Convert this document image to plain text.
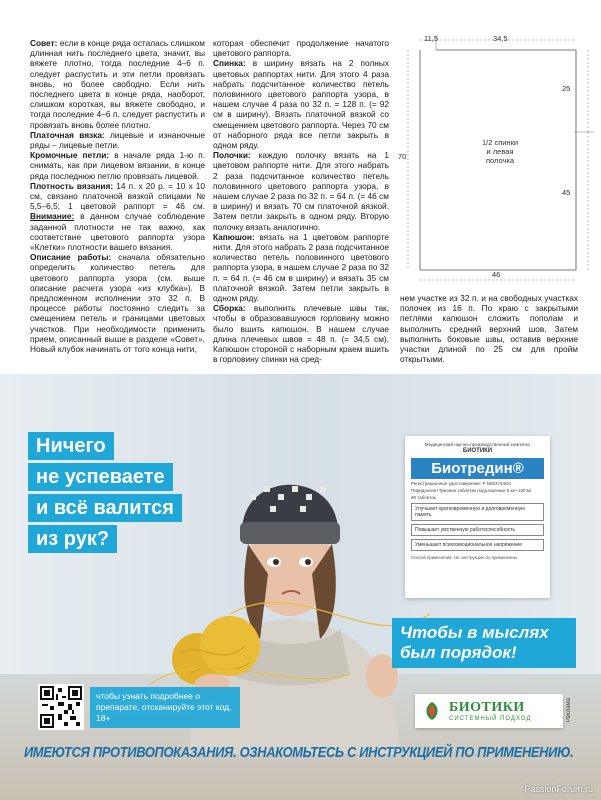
Совет: если в конце ряда осталась слишком длинная нить последнего цвета, значит, вы вяжете плотно, тогда последние 4–6 п. следует распустить и эти петли провязать вновь, но более свободно. Если нить последнего цвета в конце ряда, наоборот, слишком короткая, вы вяжете свободно, и тогда последние 4–6 п. следует распустить и провязать вновь более плотно.

Платочная вязка: лицевые и изнаночные ряды – лицевые петли.

Кромочные петли: в начале ряда 1-ю п. снимать, как при лицевом вязании, в конце ряда последнюю петлю провязать лицевой.

Плотность вязания: 14 п. х 20 р. = 10 х 10 см, связано платочной вязкой спицами № 5,5–6,5; 1 цветовой раппорт = 46 см. Внимание: в данном случае соблюдение заданной плотности не так важно, как соответствие цветового раппорта узора «Клетки» плотности вашего вязания.

Описание работы: сначала обязательно определить количество петель для цветового раппорта узора (см. выше описание расчета узора «из клубка»). В предложенном исполнении это 32 п. В процессе работы постоянно следить за смещением петель и границами цветовых участков. При необходимости применить прием, описанный выше в разделе «Совет». Новый клубок начинать от того конца нити,

которая обеспечит продолжение начатого цветового раппорта.

Спинка: в ширину вязать на 2 полных цветовых раппортах нити. Для этого 4 раза набрать подсчитанное количество петель половинного цветового раппорта узора, в нашем случае 4 раза по 32 п. = 128 п. (= 92 см в ширину). Вязать платочной вязкой со смещением цветового раппорта. Через 70 см от наборного ряда все петли закрыть в одном ряду.

Полочки: каждую полочку вязать на 1 цветовом раппорте нити. Для этого набрать 2 раза подсчитанное количество петель половинного цветового раппорта узора, в нашем случае 2 раза по 32 п. = 64 п. (= 46 см в ширину) и вязать 70 см платочной вязкой. Затем петли закрыть в одном ряду. Вторую полочку вязать аналогично.

Капюшон: вязать на 1 цветовом раппорте нити. Для этого набрать 2 раза подсчитанное количество петель половинного цветового раппорта узора, в нашем случае 2 раза по 32 п. = 64 п. (= 46 см в ширину) и вязать 35 см платочной вязкой. Затем петли закрыть в одном ряду.

Сборка: выполнить плечевые швы так, чтобы в образовавшуюся горловину можно было вшить капюшон. В нашем случае длина плечевых швов = 48 п. (= 34,5 см). Капюшон стороной с наборным краем вшить в горловину спинки на сред-

нем участке из 32 п. и на свободных участках полочек из 16 п. По краю с закрытыми петлями капюшон сложить пополам и выполнить средний верхний шов. Затем выполнить боковые швы, оставив верхние участки длиной по 25 см для пройм открытыми.

11,5	34,5
25
45
70
46
1/2 спинки
и левая
полочка
Ничего
не успеваете
и всё валится
из рук?
Медицинский научно-производственный комплекс
БИОТИКИ
Биотредин®
Регистрационное удостоверение: Р N003744/01
Пиридоксин+Треонин таблетки подъязычные 5 мг+100 мг
30 таблеток
Улучшает кратковременную и долговременную память
Повышает умственную работоспособность
Уменьшает психоэмоциональное напряжение
Способ применения: см. инструкцию по применению
Чтобы в мыслях был порядок!
чтобы узнать подробнее о препарате, отсканируйте этот код, 18+
БИОТИКИ
СИСТЕМНЫЙ ПОДХОД	Реклама
ИМЕЮТСЯ ПРОТИВОПОКАЗАНИЯ. ОЗНАКОМЬТЕСЬ С ИНСТРУКЦИЕЙ ПО ПРИМЕНЕНИЮ.
PassionForum.ru
